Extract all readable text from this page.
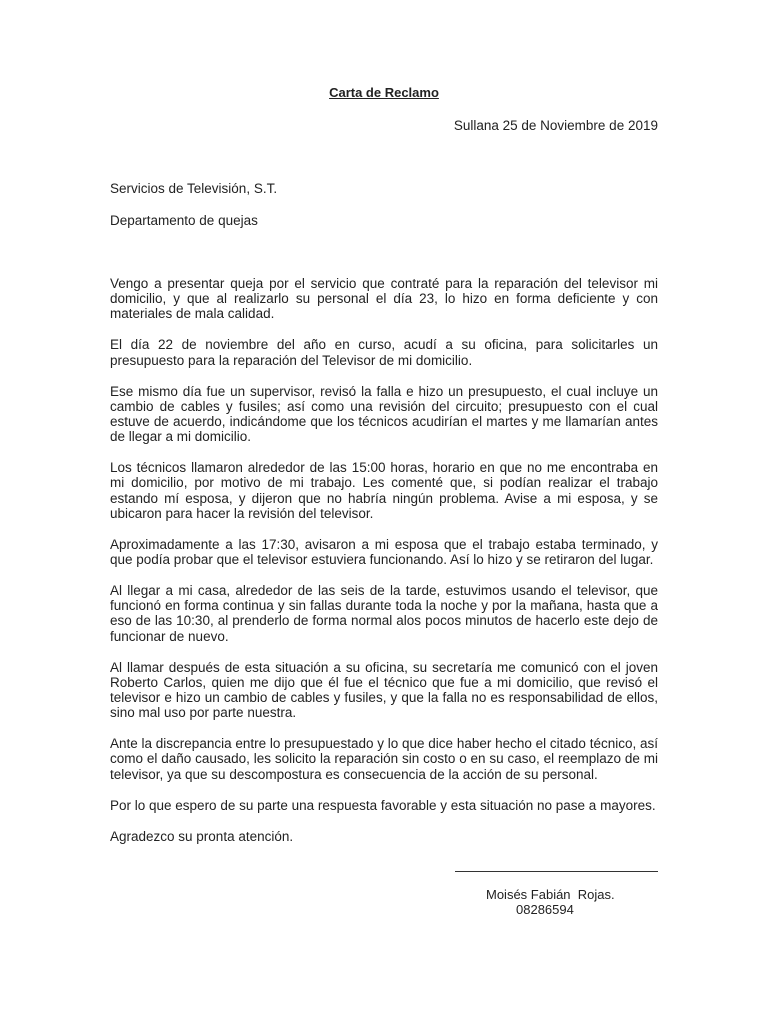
Carta de Reclamo
Sullana 25 de Noviembre de 2019
Servicios de Televisión, S.T.
Departamento de quejas

Vengo a presentar queja por el servicio que contraté para la reparación del televisor mi domicilio, y que al realizarlo su personal el día 23, lo hizo en forma deficiente y con materiales de mala calidad.

El día 22 de noviembre del año en curso, acudí a su oficina, para solicitarles un presupuesto para la reparación del Televisor de mi domicilio.

Ese mismo día fue un supervisor, revisó la falla e hizo un presupuesto, el cual incluye un cambio de cables y fusiles; así como una revisión del circuito; presupuesto con el cual estuve de acuerdo, indicándome que los técnicos acudirían el martes y me llamarían antes de llegar a mi domicilio.

Los técnicos llamaron alrededor de las 15:00 horas, horario en que no me encontraba en mi domicilio, por motivo de mi trabajo. Les comenté que, si podían realizar el trabajo estando mí esposa, y dijeron que no habría ningún problema. Avise a mi esposa, y se ubicaron para hacer la revisión del televisor.

Aproximadamente a las 17:30, avisaron a mi esposa que el trabajo estaba terminado, y que podía probar que el televisor estuviera funcionando. Así lo hizo y se retiraron del lugar.

Al llegar a mi casa, alrededor de las seis de la tarde, estuvimos usando el televisor, que funcionó en forma continua y sin fallas durante toda la noche y por la mañana, hasta que a eso de las 10:30, al prenderlo de forma normal alos pocos minutos de hacerlo este dejo de funcionar de nuevo.

Al llamar después de esta situación a su oficina, su secretaría me comunicó con el joven Roberto Carlos, quien me dijo que él fue el técnico que fue a mi domicilio, que revisó el televisor e hizo un cambio de cables y fusiles, y que la falla no es responsabilidad de ellos, sino mal uso por parte nuestra.

Ante la discrepancia entre lo presupuestado y lo que dice haber hecho el citado técnico, así como el daño causado, les solicito la reparación sin costo o en su caso, el reemplazo de mi televisor, ya que su descompostura es consecuencia de la acción de su personal.

Por lo que espero de su parte una respuesta favorable y esta situación no pase a mayores.

Agradezco su pronta atención.

Moisés Fabián  Rojas.
08286594
